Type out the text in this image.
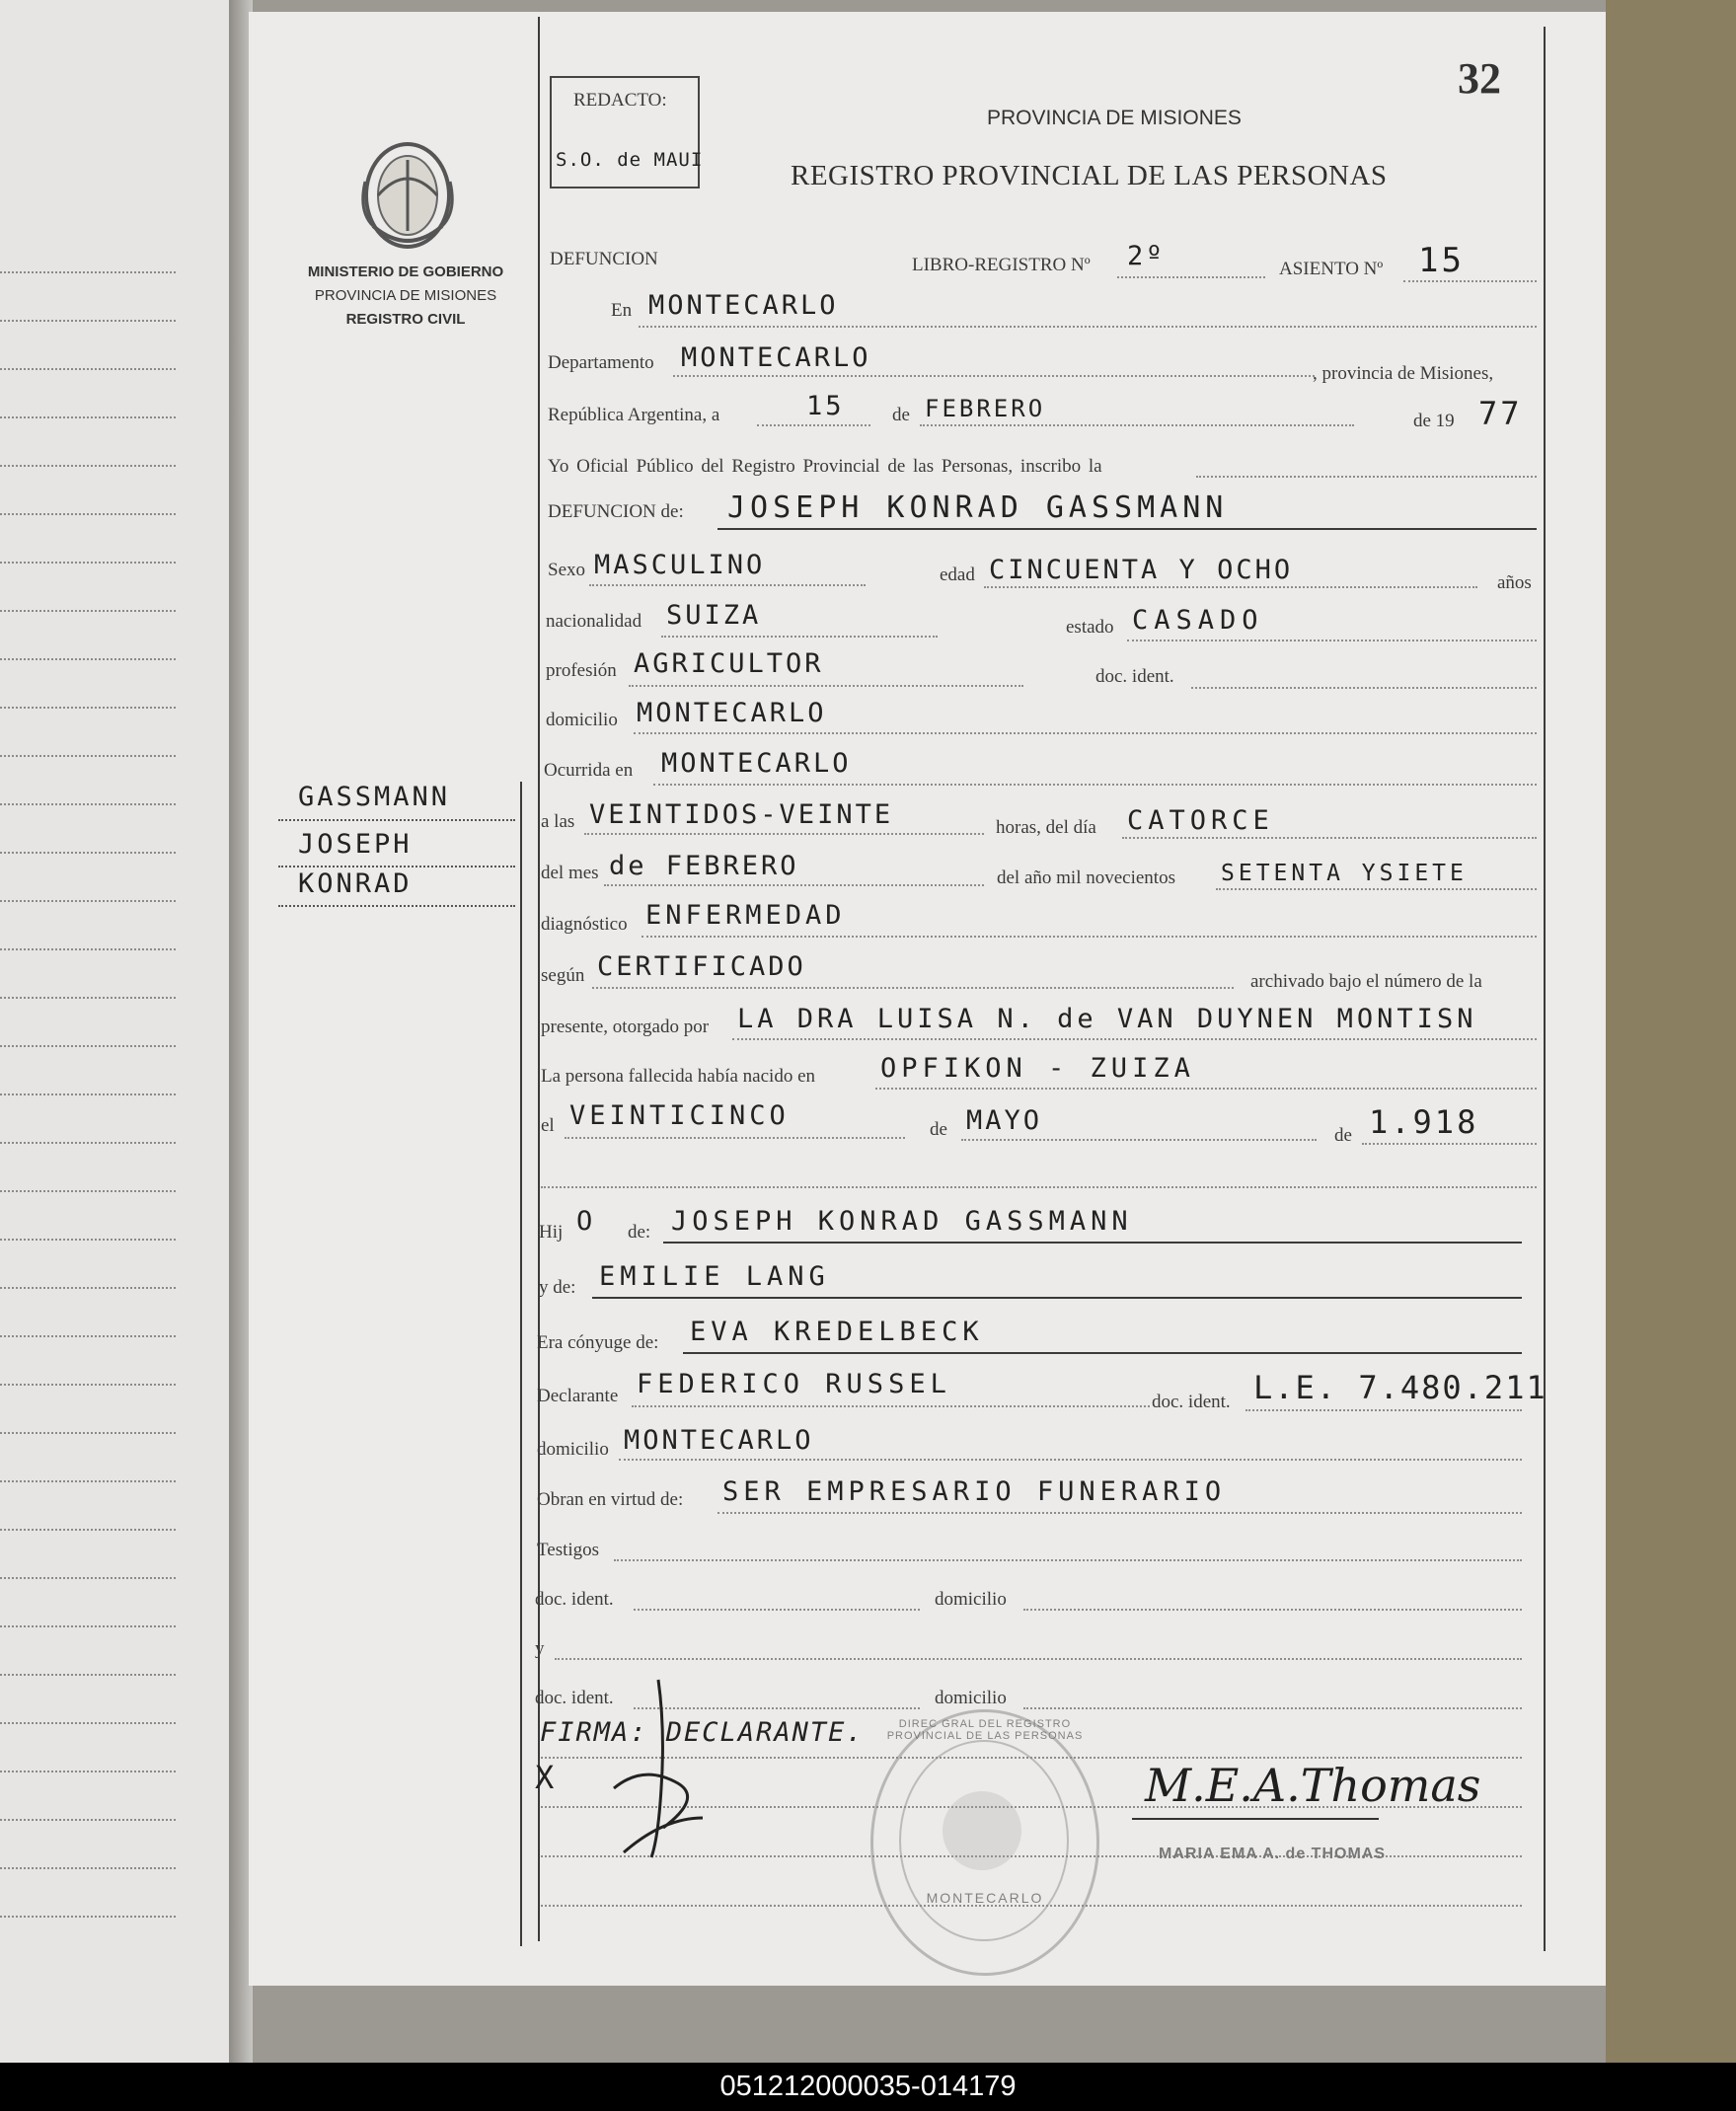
REDACTO:
S.O. de MAUI
32
PROVINCIA DE MISIONES
REGISTRO PROVINCIAL DE LAS PERSONAS
MINISTERIO DE GOBIERNO
PROVINCIA DE MISIONES
REGISTRO CIVIL
GASSMANN
JOSEPH
KONRAD
DEFUNCION	LIBRO-REGISTRO Nº 2º	ASIENTO Nº 15
En MONTECARLO
Departamento MONTECARLO
, provincia de Misiones,
República Argentina, a	15	de FEBRERO	de 19 77
Yo Oficial Público del Registro Provincial de las Personas, inscribo la
DEFUNCION de: JOSEPH KONRAD GASSMANN
Sexo MASCULINO	edad CINCUENTA Y OCHO	años
nacionalidad SUIZA	estado CASADO
profesión AGRICULTOR	doc. ident.
domicilio MONTECARLO
Ocurrida en MONTECARLO
a las VEINTIDOS-VEINTE	horas, del día CATORCE
del mes de FEBRERO	del año mil novecientos SETENTA YSIETE
diagnóstico ENFERMEDAD
según CERTIFICADO	archivado bajo el número de la
presente, otorgado por LA DRA LUISA N. de VAN DUYNEN MONTISN
La persona fallecida había nacido en OPFIKON - ZUIZA
el VEINTICINCO	de MAYO	de 1.918
Hij O de: JOSEPH KONRAD GASSMANN
y de: EMILIE LANG
Era cónyuge de: EVA KREDELBECK
Declarante FEDERICO RUSSEL
doc. ident. L.E. 7.480.211
domicilio MONTECARLO
Obran en virtud de: SER EMPRESARIO FUNERARIO
Testigos
doc. ident.	domicilio
y
doc. ident.	domicilio
FIRMA: DECLARANTE.
X
DIREC GRAL DEL REGISTRO PROVINCIAL DE LAS PERSONAS
MONTECARLO
M.E.A.Thomas
MARIA EMA A. de THOMAS
051212000035-014179
